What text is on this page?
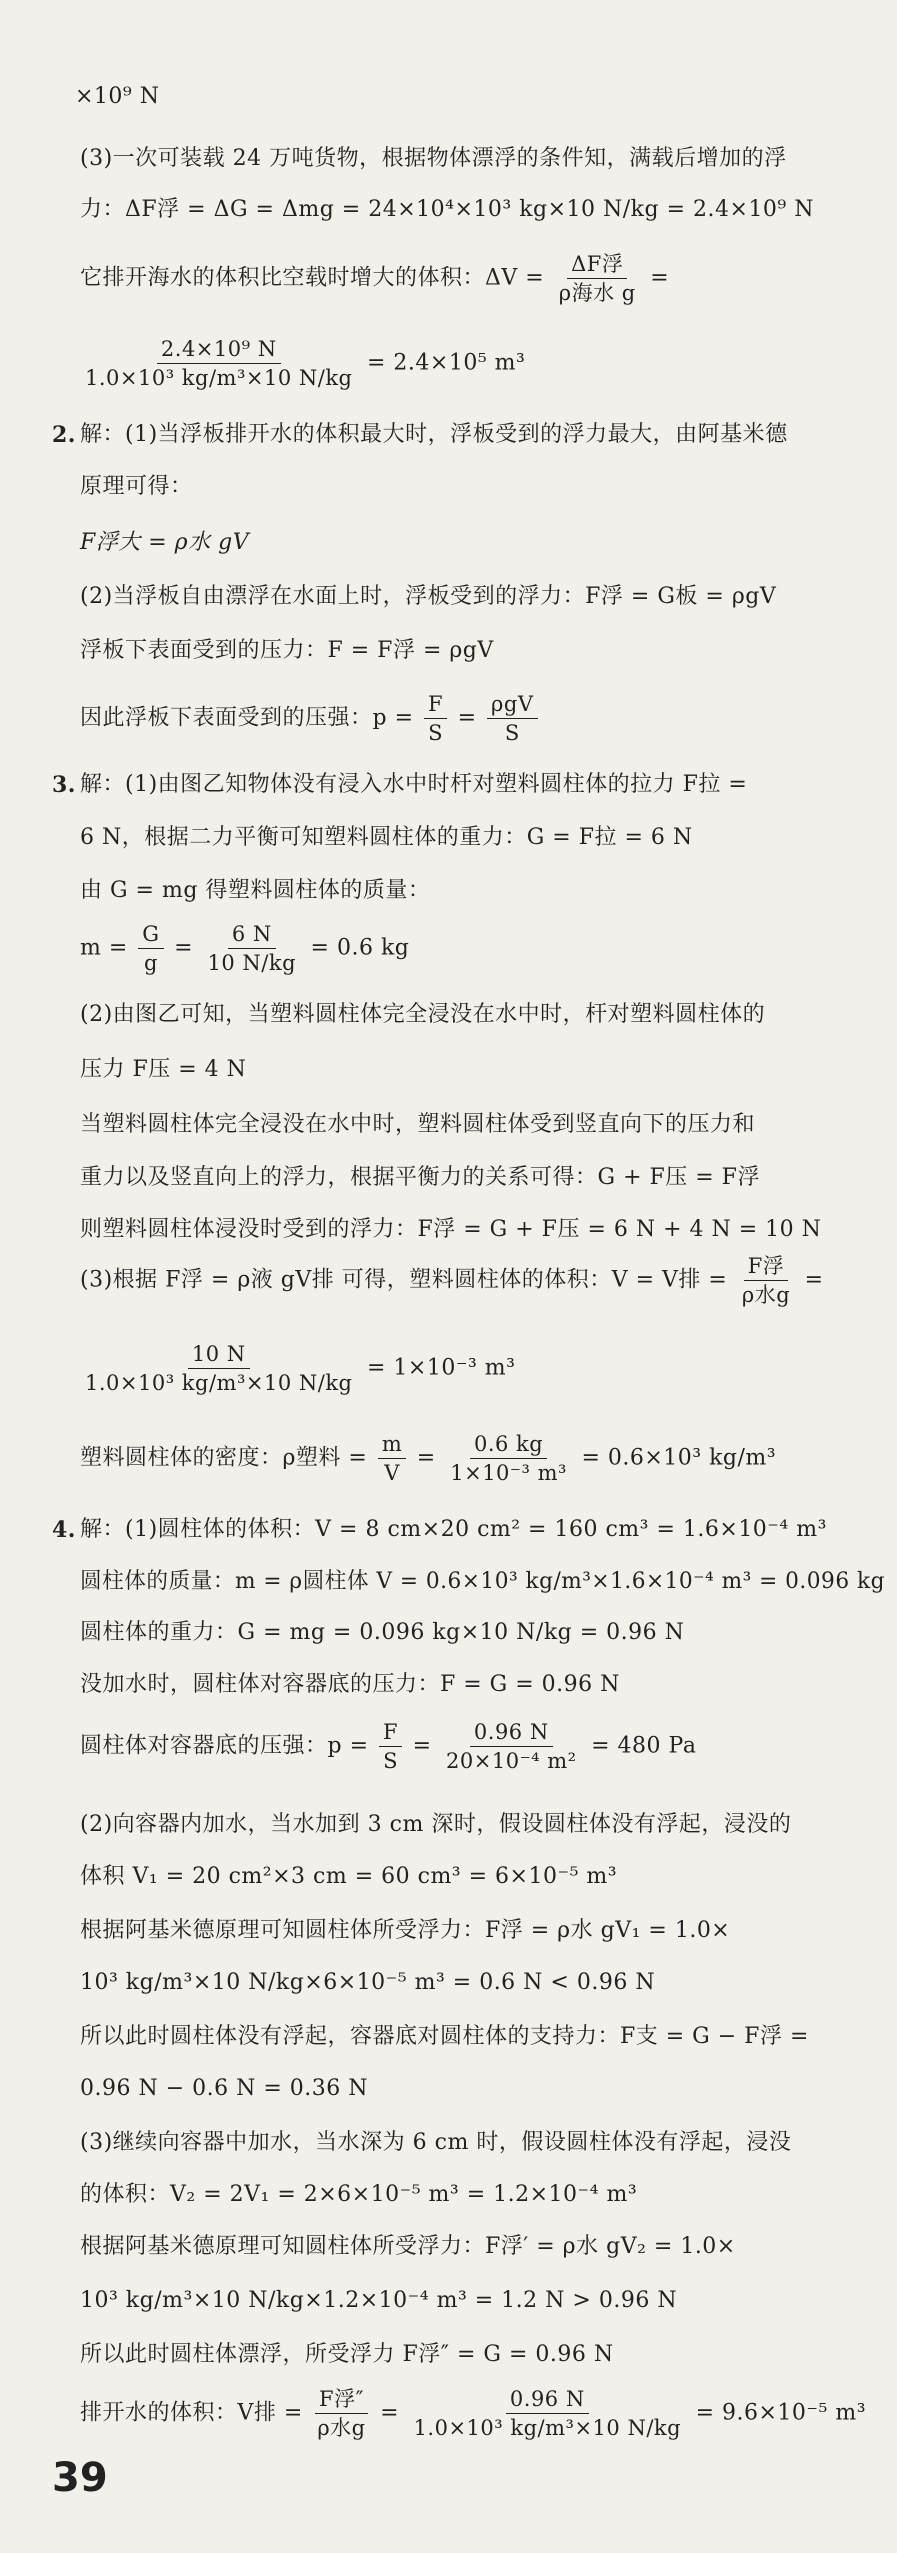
×10⁹ N
(3)一次可装载 24 万吨货物，根据物体漂浮的条件知，满载后增加的浮
力：ΔF浮 = ΔG = Δmg = 24×10⁴×10³ kg×10 N/kg = 2.4×10⁹ N
它排开海水的体积比空载时增大的体积：$\Delta V = \frac{\text{ΔF浮}}{\text{ρ海水 g}}$ =
$\frac{\text{2.4×10⁹ N}}{\text{1.0×10³ kg/m³×10 N/kg}} = 2.4\times 10^5$ m³
2. 解：(1)当浮板排开水的体积最大时，浮板受到的浮力最大，由阿基米德
原理可得：
F浮大 = ρ水 gV
(2)当浮板自由漂浮在水面上时，浮板受到的浮力：F浮 = G板 = ρgV
浮板下表面受到的压力：F = F浮 = ρgV
因此浮板下表面受到的压强：$p = \frac{F}{S} = \frac{\text{ρgV}}{S}$
3. 解：(1)由图乙知物体没有浸入水中时杆对塑料圆柱体的拉力 F拉 =
6 N，根据二力平衡可知塑料圆柱体的重力：G = F拉 = 6 N
由 G = mg 得塑料圆柱体的质量：
$m = \frac{G}{g} = \frac{6 N}{10 N/kg} = 0.6$ kg
(2)由图乙可知，当塑料圆柱体完全浸没在水中时，杆对塑料圆柱体的
压力 F压 = 4 N
当塑料圆柱体完全浸没在水中时，塑料圆柱体受到竖直向下的压力和
重力以及竖直向上的浮力，根据平衡力的关系可得：G + F压 = F浮
则塑料圆柱体浸没时受到的浮力：F浮 = G + F压 = 6 N + 4 N = 10 N
(3)根据 F浮 = ρ液 gV排 可得，塑料圆柱体的体积：V = V排 = $\frac{\text{F浮}}{\text{ρ水g}}$ =
$\frac{10 N}{\text{1.0×10³ kg/m³×10 N/kg}} = 1\times 10^{-3}$ m³
塑料圆柱体的密度：ρ塑料 = $\frac{m}{V} = \frac{0.6 kg}{\text{1×10⁻³ m³}} = 0.6\times 10^3$ kg/m³
4. 解：(1)圆柱体的体积：V = 8 cm×20 cm² = 160 cm³ = 1.6×10⁻⁴ m³
圆柱体的质量：m = ρ圆柱体 V = 0.6×10³ kg/m³×1.6×10⁻⁴ m³ = 0.096 kg
圆柱体的重力：G = mg = 0.096 kg×10 N/kg = 0.96 N
没加水时，圆柱体对容器底的压力：F = G = 0.96 N
圆柱体对容器底的压强：$p = \frac{F}{S} = \frac{0.96 N}{\text{20×10⁻⁴ m²}} = 480$ Pa
(2)向容器内加水，当水加到 3 cm 深时，假设圆柱体没有浮起，浸没的
体积 V₁ = 20 cm²×3 cm = 60 cm³ = 6×10⁻⁵ m³
根据阿基米德原理可知圆柱体所受浮力：F浮 = ρ水 gV₁ = 1.0×
10³ kg/m³×10 N/kg×6×10⁻⁵ m³ = 0.6 N < 0.96 N
所以此时圆柱体没有浮起，容器底对圆柱体的支持力：F支 = G − F浮 =
0.96 N − 0.6 N = 0.36 N
(3)继续向容器中加水，当水深为 6 cm 时，假设圆柱体没有浮起，浸没
的体积：V₂ = 2V₁ = 2×6×10⁻⁵ m³ = 1.2×10⁻⁴ m³
根据阿基米德原理可知圆柱体所受浮力：F浮′ = ρ水 gV₂ = 1.0×
10³ kg/m³×10 N/kg×1.2×10⁻⁴ m³ = 1.2 N > 0.96 N
所以此时圆柱体漂浮，所受浮力 F浮″ = G = 0.96 N
排开水的体积：V排 = $\frac{\text{F浮″}}{\text{ρ水g}} = \frac{0.96 N}{\text{1.0×10³ kg/m³×10 N/kg}} = 9.6\times 10^{-5}$ m³
39
